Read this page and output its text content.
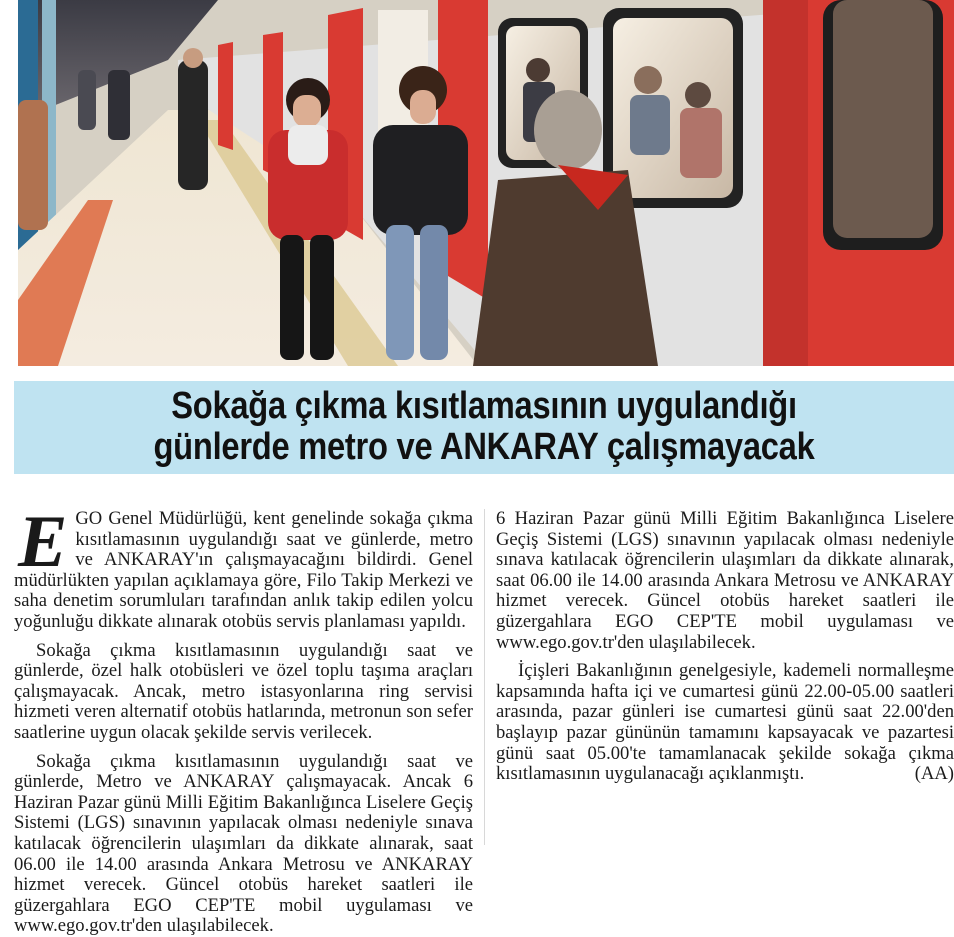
Sokağa çıkma kısıtlamasının uygulandığı
günlerde metro ve ANKARAY çalışmayacak

EGO Genel Müdürlüğü, kent genelinde sokağa çıkma kısıtlamasının uygulandığı saat ve günlerde, metro ve ANKARAY'ın çalışmayacağını bildirdi. Genel müdürlükten yapılan açıklamaya göre, Filo Takip Merkezi ve saha denetim sorumluları tarafından anlık takip edilen yolcu yoğunluğu dikkate alınarak otobüs servis planlaması yapıldı.

Sokağa çıkma kısıtlamasının uygulandığı saat ve günlerde, özel halk otobüsleri ve özel toplu taşıma araçları çalışmayacak. Ancak, metro istasyonlarına ring servisi hizmeti veren alternatif otobüs hatlarında, metronun son sefer saatlerine uygun olacak şekilde servis verilecek.

Sokağa çıkma kısıtlamasının uygulandığı saat ve günlerde, Metro ve ANKARAY çalışmayacak. Ancak 6 Haziran Pazar günü Milli Eğitim Bakanlığınca Liselere Geçiş Sistemi (LGS) sınavının yapılacak olması nedeniyle sınava katılacak öğrencilerin ulaşımları da dikkate alınarak, saat 06.00 ile 14.00 arasında Ankara Metrosu ve ANKARAY hizmet verecek. Güncel otobüs hareket saatleri ile güzergahlara EGO CEP'TE mobil uygulaması ve www.ego.gov.tr'den ulaşılabilecek.

6 Haziran Pazar günü Milli Eğitim Bakanlığınca Liselere Geçiş Sistemi (LGS) sınavının yapılacak olması nedeniyle sınava katılacak öğrencilerin ulaşımları da dikkate alınarak, saat 06.00 ile 14.00 arasında Ankara Metrosu ve ANKARAY hizmet verecek. Güncel otobüs hareket saatleri ile güzergahlara EGO CEP'TE mobil uygulaması ve www.ego.gov.tr'den ulaşılabilecek.

İçişleri Bakanlığının genelgesiyle, kademeli normalleşme kapsamında hafta içi ve cumartesi günü 22.00-05.00 saatleri arasında, pazar günleri ise cumartesi günü saat 22.00'den başlayıp pazar gününün tamamını kapsayacak ve pazartesi günü saat 05.00'te tamamlanacak şekilde sokağa çıkma kısıtlamasının uygulanacağı açıklanmıştı.	(AA)
